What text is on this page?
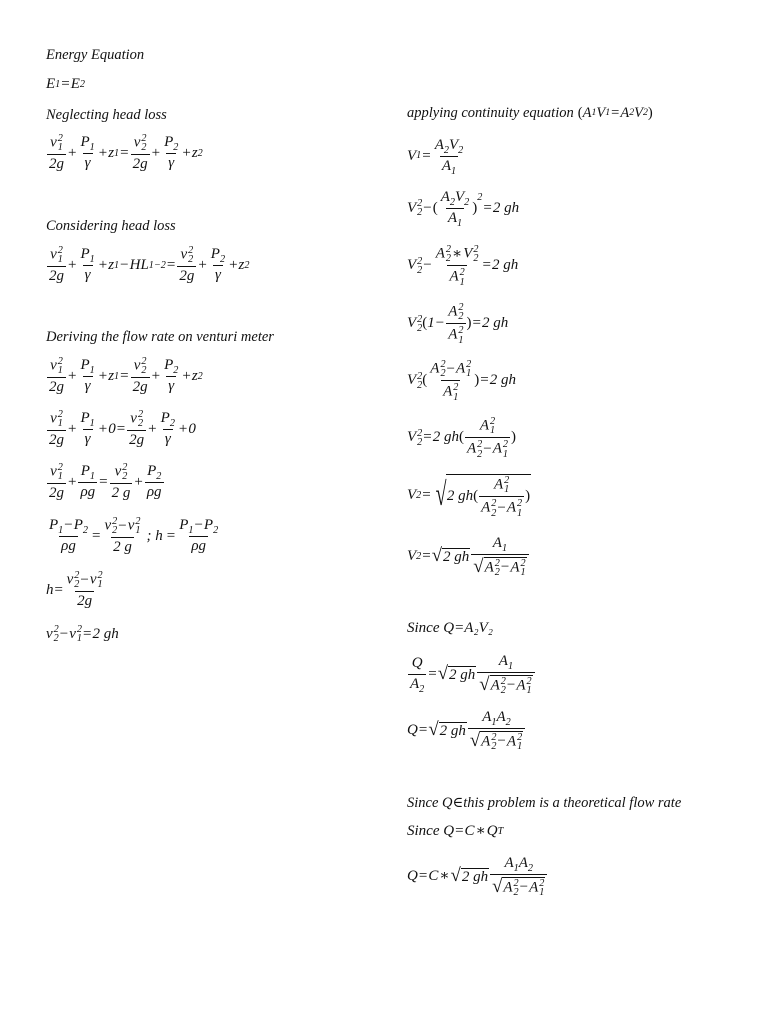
Energy Equation
E 1 = E 2
Neglecting head loss
v 2
1
$2g + \frac{P_1}{\gamma} + z$ 1 = v 2
2
$2g + \frac{P_2}{\gamma} + z$ 2
Considering head loss
v 2
1
$2g + \frac{P_1}{\gamma} + z$ 1 − HL 1−2 = v 2
2
$2g + \frac{P_2}{\gamma} + z$ 2
Deriving the flow rate on venturi meter
v 2
1
$2g + \frac{P_1}{\gamma} + z$ 1 = v 2
2
$2g + \frac{P_2}{\gamma} + z$ 2
v 2
1
$2g + \frac{P_1}{\gamma} + 0 = v$ 2
2
$2g + \frac{P_2}{\gamma} + 0$
v 2
1
$2g + \frac{P_1}{\rho g} = v$ 2
2
2 $g + \frac{P_2}{\rho g}$
$\frac{P_1-P_2}{\rho g} = v$ 2
2 −v 2
1
2 g ; $h = \frac{P_1-P_2}{\rho g}$
h= v 2
2 −v 2
1
2g
v 2
2 − v 2
1 = 2 gh
applying continuity equation ( A 1 V 1 = A 2 V 2 )
V $1 = \frac{A_2V_2}{A_1}$
V 2
2 − ( $\frac{A_2V_2}{A_1}$ )
$^2$
= 2 gh
V 2
2 − A 2
2 ∗V 2
2
A 2
1 = 2 gh
V 2
2 ( 1 − A 2
2
A 2
1 ) = 2 gh
V 2
2 ( A 2
2 −A 2
1
A 2
1 ) = 2 gh
V 2
2 = 2 gh ( A 2
1
A 2
2 −A 2
1 )
V 2 = √ 2 gh ( A 2
1
A 2
2 −A 2
1 )
V 2 = √ 2 gh $A_1$
√ A 2
2 −A 2
1
Since Q=A₂V₂
$\frac{Q}{A_2}$ = √ 2 gh $A_1$
√ A 2
2 −A 2
1
Q = √ 2 gh $A_1A_2$
√ A 2
2 −A 2
1
Since Q∈this problem is a theoretical flow rate
Since Q = C ∗ Q T
Q = C ∗ √ 2 gh $A_1A_2$
√ A 2
2 −A 2
1
